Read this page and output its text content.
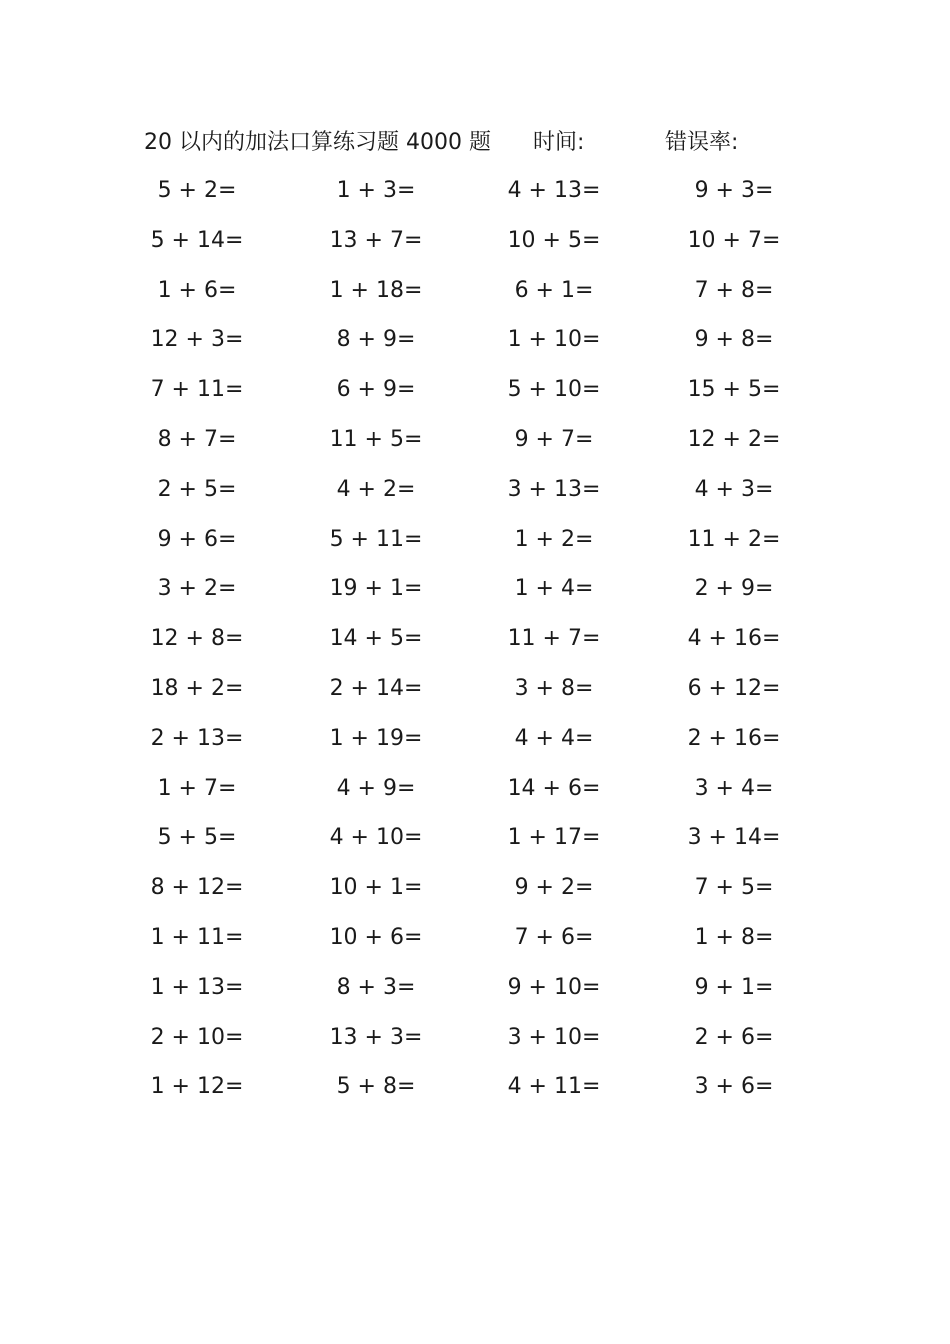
20 以内的加法口算练习题 4000 题 时间:	错误率:
5 + 2=	1 + 3=	4 + 13=	9 + 3=
5 + 14=	13 + 7=	10 + 5=	10 + 7=
1 + 6=	1 + 18=	6 + 1=	7 + 8=
12 + 3=	8 + 9=	1 + 10=	9 + 8=
7 + 11=	6 + 9=	5 + 10=	15 + 5=
8 + 7=	11 + 5=	9 + 7=	12 + 2=
2 + 5=	4 + 2=	3 + 13=	4 + 3=
9 + 6=	5 + 11=	1 + 2=	11 + 2=
3 + 2=	19 + 1=	1 + 4=	2 + 9=
12 + 8=	14 + 5=	11 + 7=	4 + 16=
18 + 2=	2 + 14=	3 + 8=	6 + 12=
2 + 13=	1 + 19=	4 + 4=	2 + 16=
1 + 7=	4 + 9=	14 + 6=	3 + 4=
5 + 5=	4 + 10=	1 + 17=	3 + 14=
8 + 12=	10 + 1=	9 + 2=	7 + 5=
1 + 11=	10 + 6=	7 + 6=	1 + 8=
1 + 13=	8 + 3=	9 + 10=	9 + 1=
2 + 10=	13 + 3=	3 + 10=	2 + 6=
1 + 12=	5 + 8=	4 + 11=	3 + 6=
